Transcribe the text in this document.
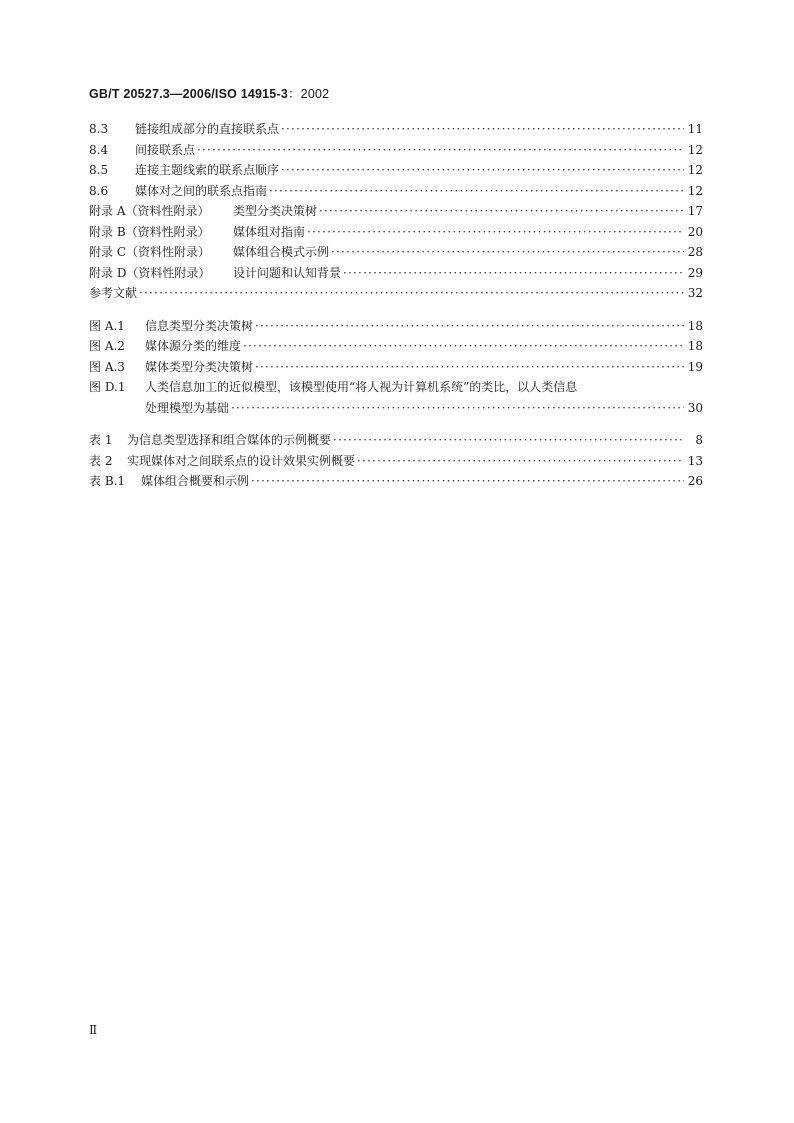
GB/T 20527.3—2006/ISO 14915-3：2002
8.3 链接组成部分的直接联系点 ·····	11
8.4 间接联系点 ·····	12
8.5 连接主题线索的联系点顺序 ·····	12
8.6 媒体对之间的联系点指南 ·····	12
附录 A（资料性附录） 类型分类决策树 ·····	17
附录 B（资料性附录） 媒体组对指南 ·····	20
附录 C（资料性附录） 媒体组合模式示例 ·····	28
附录 D（资料性附录） 设计问题和认知背景 ·····	29
参考文献 ·····	32
图 A.1 信息类型分类决策树 ·····	18
图 A.2 媒体源分类的维度 ·····	18
图 A.3 媒体类型分类决策树 ·····	19
图 D.1 人类信息加工的近似模型，该模型使用“将人视为计算机系统”的类比，以人类信息
处理模型为基础 ·····	30
表 1 为信息类型选择和组合媒体的示例概要 ·····	8
表 2 实现媒体对之间联系点的设计效果实例概要 ·····	13
表 B.1 媒体组合概要和示例 ·····	26
Ⅱ
